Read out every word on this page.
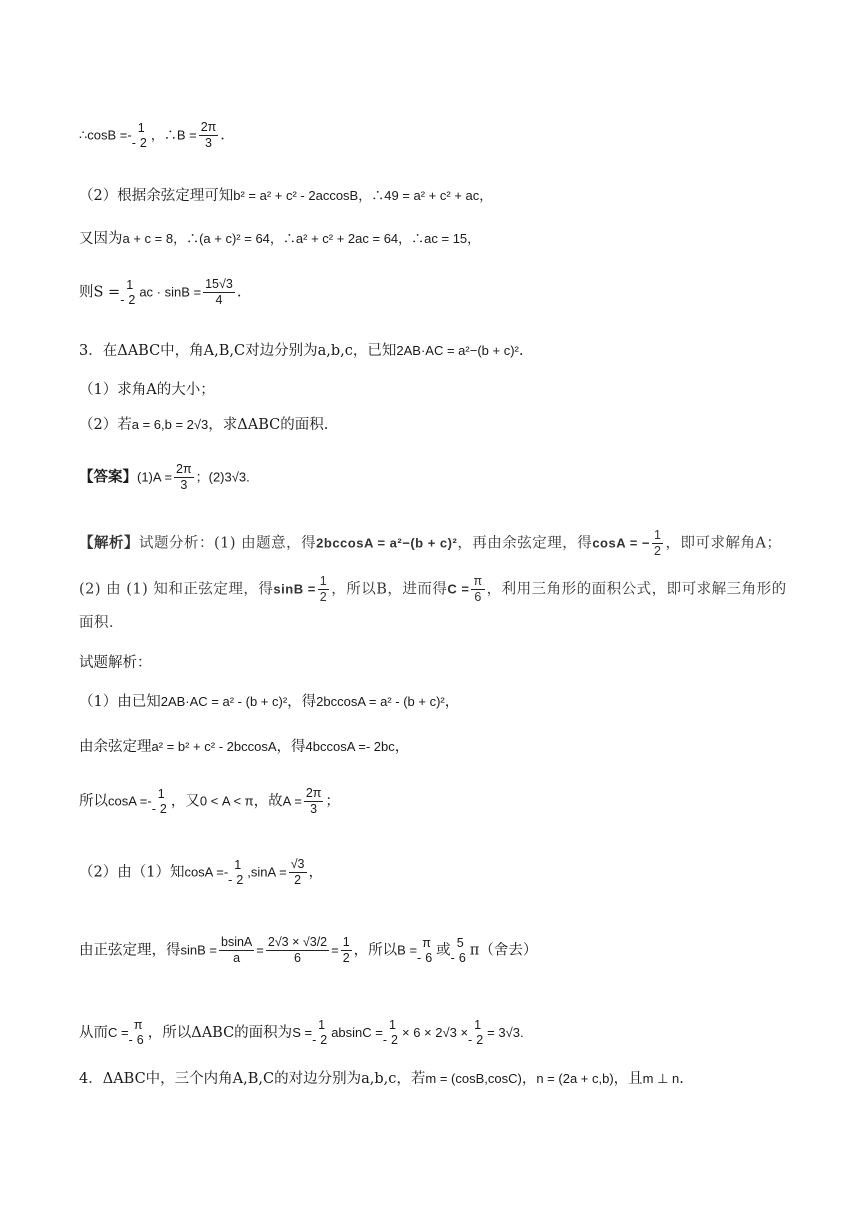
∴cosB =- 1
- 2 ，∴B = $\frac{2\pi}{3}$ .
（2）根据余弦定理可知b² = a² + c² - 2accosB，∴49 = a² + c² + ac，
又因为a + c = 8，∴(a + c)² = 64，∴a² + c² + 2ac = 64，∴ac = 15，
则S = 1
- 2 ac · $\sin B = \frac{15√3}{4}$ .
3．在ΔABC中，角A,B,C对边分别为a,b,c，已知2AB·AC = a²−(b + c)².
（1）求角A的大小；
（2）若a = 6,b = 2√3，求ΔABC的面积.
【答案】$(1)A = \frac{2\pi}{3}$ ；(2)3√3.
【解析】试题分析：(1) 由题意，得2bccosA = a²−(b + c)²，再由余弦定理，得cosA = − $\frac{1}{2}$ ，即可求解角A；
(2) 由 (1) 知和正弦定理，得$\sin B = \frac{1}{2}$ ，所以B，进而得$C = \frac{\pi}{6}$ ，利用三角形的面积公式，即可求解三角形的
面积．
试题解析：
（1）由已知2AB·AC = a² - (b + c)²，得2bccosA = a² - (b + c)²，
由余弦定理a² = b² + c² - 2bccosA，得4bccosA =- 2bc，
所以cosA =- 1
- 2 ，又0 < A < π，故$A = \frac{2\pi}{3}$ ；
（2）由（1）知cosA =- 1
- 2 $,\sin A = \frac{√3}{2}$ ，
由正弦定理，得$\sin B = \frac{bsinA}{a} = \frac{2√3 \times √3/2}{6} = \frac{1}{2}$ ，所以B = π
- 6 或 5
- 6 π（舍去）
从而C = π
- 6 ，所以ΔABC的面积为S = 1
- 2 absinC = 1
- 2 × 6 × 2√3 × 1
- 2 = 3√3.
4．ΔABC中，三个内角A,B,C的对边分别为a,b,c，若m = (cosB,cosC)，n = (2a + c,b)，且m ⊥ n.
